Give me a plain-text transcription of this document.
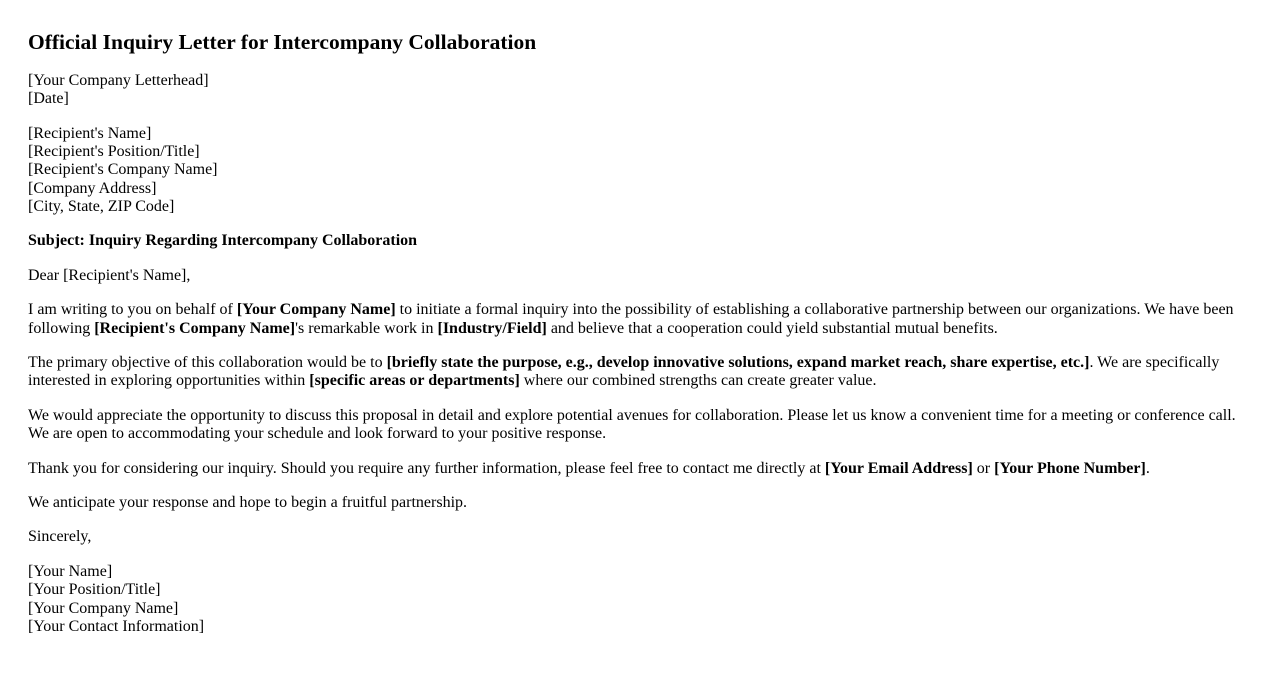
Official Inquiry Letter for Intercompany Collaboration

[Your Company Letterhead]
[Date]

[Recipient's Name]
[Recipient's Position/Title]
[Recipient's Company Name]
[Company Address]
[City, State, ZIP Code]

Subject: Inquiry Regarding Intercompany Collaboration

Dear [Recipient's Name],

I am writing to you on behalf of [Your Company Name] to initiate a formal inquiry into the possibility of establishing a collaborative partnership between our organizations. We have been following [Recipient's Company Name]'s remarkable work in [Industry/Field] and believe that a cooperation could yield substantial mutual benefits.

The primary objective of this collaboration would be to [briefly state the purpose, e.g., develop innovative solutions, expand market reach, share expertise, etc.]. We are specifically interested in exploring opportunities within [specific areas or departments] where our combined strengths can create greater value.

We would appreciate the opportunity to discuss this proposal in detail and explore potential avenues for collaboration. Please let us know a convenient time for a meeting or conference call. We are open to accommodating your schedule and look forward to your positive response.

Thank you for considering our inquiry. Should you require any further information, please feel free to contact me directly at [Your Email Address] or [Your Phone Number].

We anticipate your response and hope to begin a fruitful partnership.

Sincerely,

[Your Name]
[Your Position/Title]
[Your Company Name]
[Your Contact Information]
